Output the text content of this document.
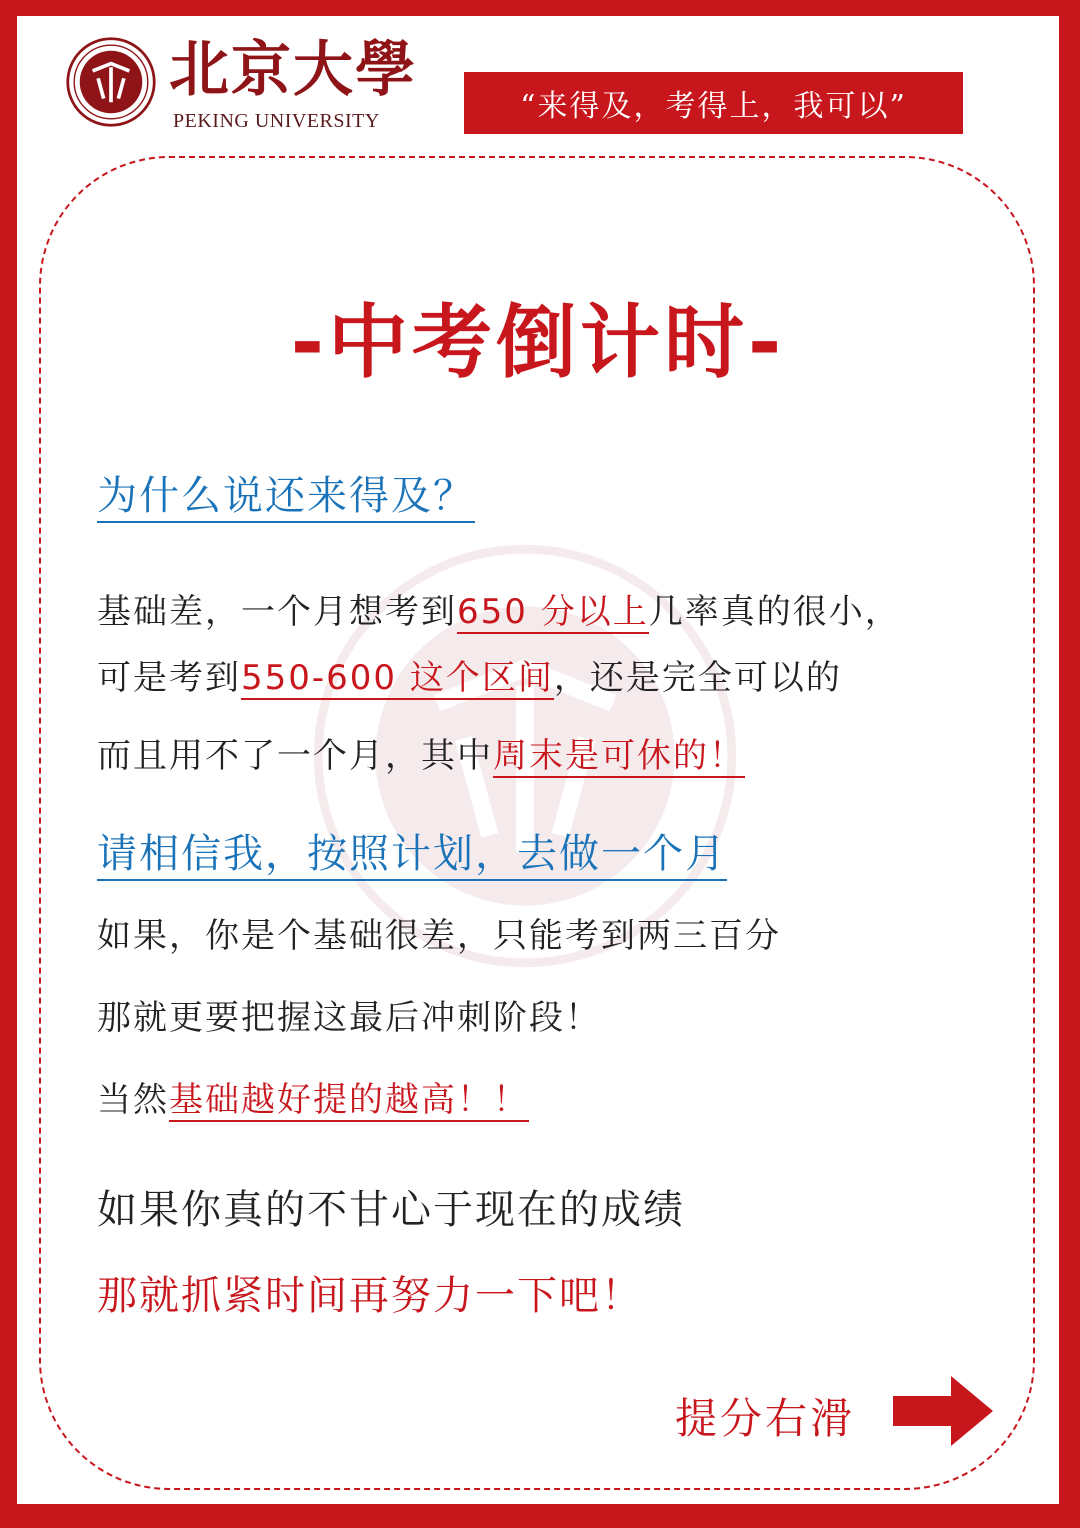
北京大學
PEKING UNIVERSITY	“来得及，考得上，我可以”
-中考倒计时-
为什么说还来得及？
基础差，一个月想考到650 分以上几率真的很小，
可是考到550-600 这个区间，还是完全可以的
而且用不了一个月，其中周末是可休的！
请相信我，按照计划，去做一个月
如果，你是个基础很差，只能考到两三百分
那就更要把握这最后冲刺阶段！
当然基础越好提的越高！！
如果你真的不甘心于现在的成绩
那就抓紧时间再努力一下吧！
提分右滑
